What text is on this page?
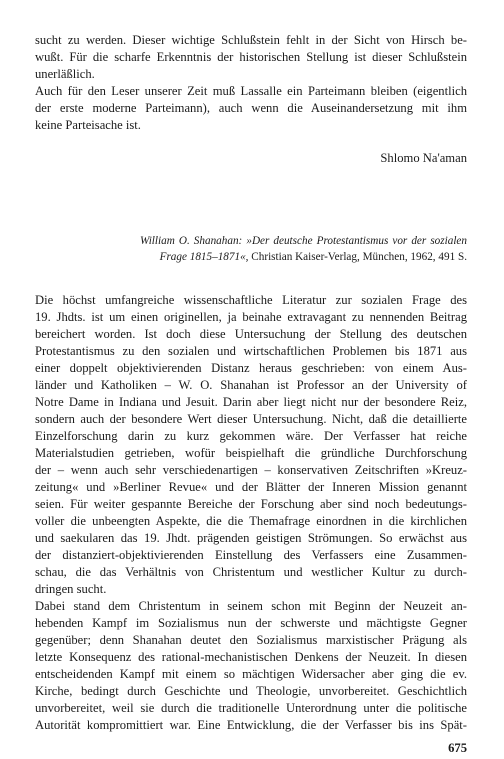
sucht zu werden. Dieser wichtige Schlußstein fehlt in der Sicht von Hirsch be-
wußt. Für die scharfe Erkenntnis der historischen Stellung ist dieser Schlußstein
unerläßlich.
Auch für den Leser unserer Zeit muß Lassalle ein Parteimann bleiben (eigentlich
der erste moderne Parteimann), auch wenn die Auseinandersetzung mit ihm
keine Parteisache ist.
Shlomo Na'aman
William O. Shanahan: »Der deutsche Protestantismus vor der sozialen
Frage 1815–1871«, Christian Kaiser-Verlag, München, 1962, 491 S.
Die höchst umfangreiche wissenschaftliche Literatur zur sozialen Frage des
19. Jhdts. ist um einen originellen, ja beinahe extravagant zu nennenden Beitrag
bereichert worden. Ist doch diese Untersuchung der Stellung des deutschen
Protestantismus zu den sozialen und wirtschaftlichen Problemen bis 1871 aus
einer doppelt objektivierenden Distanz heraus geschrieben: von einem Aus-
länder und Katholiken – W. O. Shanahan ist Professor an der University of
Notre Dame in Indiana und Jesuit. Darin aber liegt nicht nur der besondere Reiz,
sondern auch der besondere Wert dieser Untersuchung. Nicht, daß die detaillierte
Einzelforschung darin zu kurz gekommen wäre. Der Verfasser hat reiche
Materialstudien getrieben, wofür beispielhaft die gründliche Durchforschung
der – wenn auch sehr verschiedenartigen – konservativen Zeitschriften »Kreuz-
zeitung« und »Berliner Revue« und der Blätter der Inneren Mission genannt
seien. Für weiter gespannte Bereiche der Forschung aber sind noch bedeutungs-
voller die unbeengten Aspekte, die die Themafrage einordnen in die kirchlichen
und saekularen das 19. Jhdt. prägenden geistigen Strömungen. So erwächst aus
der distanziert-objektivierenden Einstellung des Verfassers eine Zusammen-
schau, die das Verhältnis von Christentum und westlicher Kultur zu durch-
dringen sucht.
Dabei stand dem Christentum in seinem schon mit Beginn der Neuzeit an-
hebenden Kampf im Sozialismus nun der schwerste und mächtigste Gegner
gegenüber; denn Shanahan deutet den Sozialismus marxistischer Prägung als
letzte Konsequenz des rational-mechanistischen Denkens der Neuzeit. In diesen
entscheidenden Kampf mit einem so mächtigen Widersacher aber ging die ev.
Kirche, bedingt durch Geschichte und Theologie, unvorbereitet. Geschichtlich
unvorbereitet, weil sie durch die traditionelle Unterordnung unter die politische
Autorität kompromittiert war. Eine Entwicklung, die der Verfasser bis ins Spät-
675
